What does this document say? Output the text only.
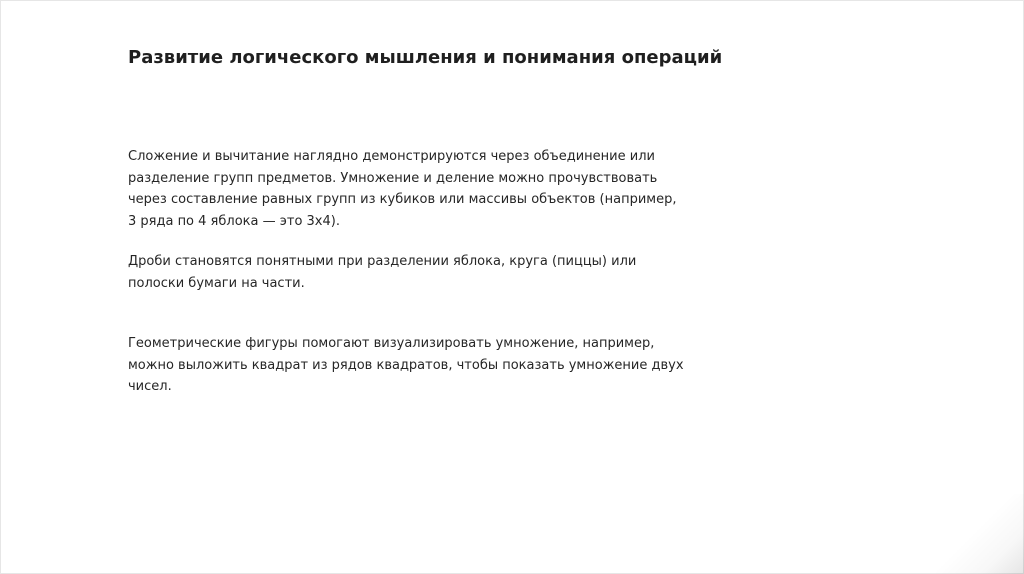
Развитие логического мышления и понимания операций
Сложение и вычитание наглядно демонстрируются через объединение или разделение групп предметов. Умножение и деление можно прочувствовать через составление равных групп из кубиков или массивы объектов (например, 3 ряда по 4 яблока — это 3х4).
Дроби становятся понятными при разделении яблока, круга (пиццы) или полоски бумаги на части.
Геометрические фигуры помогают визуализировать умножение, например, можно выложить квадрат из рядов квадратов, чтобы показать умножение двух чисел.
